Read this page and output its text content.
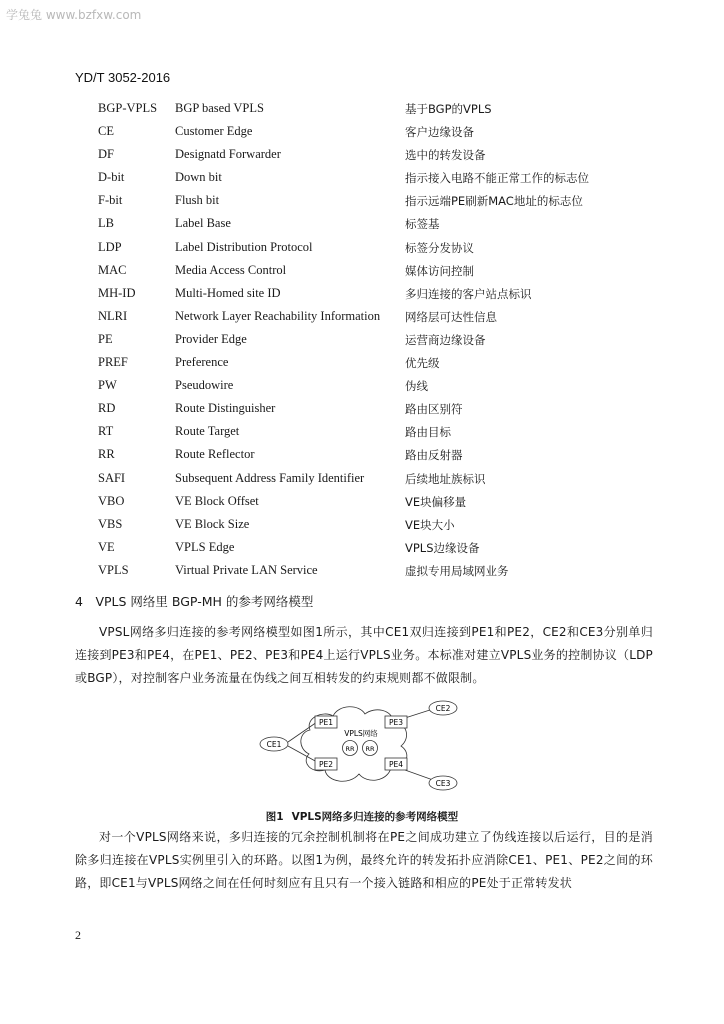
学兔兔 www.bzfxw.com
YD/T 3052-2016
BGP-VPLS BGP based VPLS	基于BGP的VPLS
CE	Customer Edge	客户边缘设备
DF	Designatd Forwarder	选中的转发设备
D-bit	Down bit	指示接入电路不能正常工作的标志位
F-bit	Flush bit	指示远端PE刷新MAC地址的标志位
LB	Label Base	标签基
LDP	Label Distribution Protocol	标签分发协议
MAC	Media Access Control	媒体访问控制
MH-ID	Multi-Homed site ID	多归连接的客户站点标识
NLRI	Network Layer Reachability Information 网络层可达性信息
PE	Provider Edge	运营商边缘设备
PREF	Preference	优先级
PW	Pseudowire	伪线
RD	Route Distinguisher	路由区别符
RT	Route Target	路由目标
RR	Route Reflector	路由反射器
SAFI	Subsequent Address Family Identifier	后续地址族标识
VBO	VE Block Offset	VE块偏移量
VBS	VE Block Size	VE块大小
VE	VPLS Edge	VPLS边缘设备
VPLS	Virtual Private LAN Service	虚拟专用局域网业务
4　VPLS 网络里 BGP-MH 的参考网络模型

VPSL网络多归连接的参考网络模型如图1所示，其中CE1双归连接到PE1和PE2，CE2和CE3分别单归连接到PE3和PE4，在PE1、PE2、PE3和PE4上运行VPLS业务。本标准对建立VPLS业务的控制协议（LDP或BGP），对控制客户业务流量在伪线之间互相转发的约束规则都不做限制。

CE1
CE2
CE3
PE1
PE2
PE3
PE4
VPLS网络
RR RR
图1 VPLS网络多归连接的参考网络模型

对一个VPLS网络来说，多归连接的冗余控制机制将在PE之间成功建立了伪线连接以后运行，目的是消除多归连接在VPLS实例里引入的环路。以图1为例，最终允许的转发拓扑应消除CE1、PE1、PE2之间的环路，即CE1与VPLS网络之间在任何时刻应有且只有一个接入链路和相应的PE处于正常转发状

2
